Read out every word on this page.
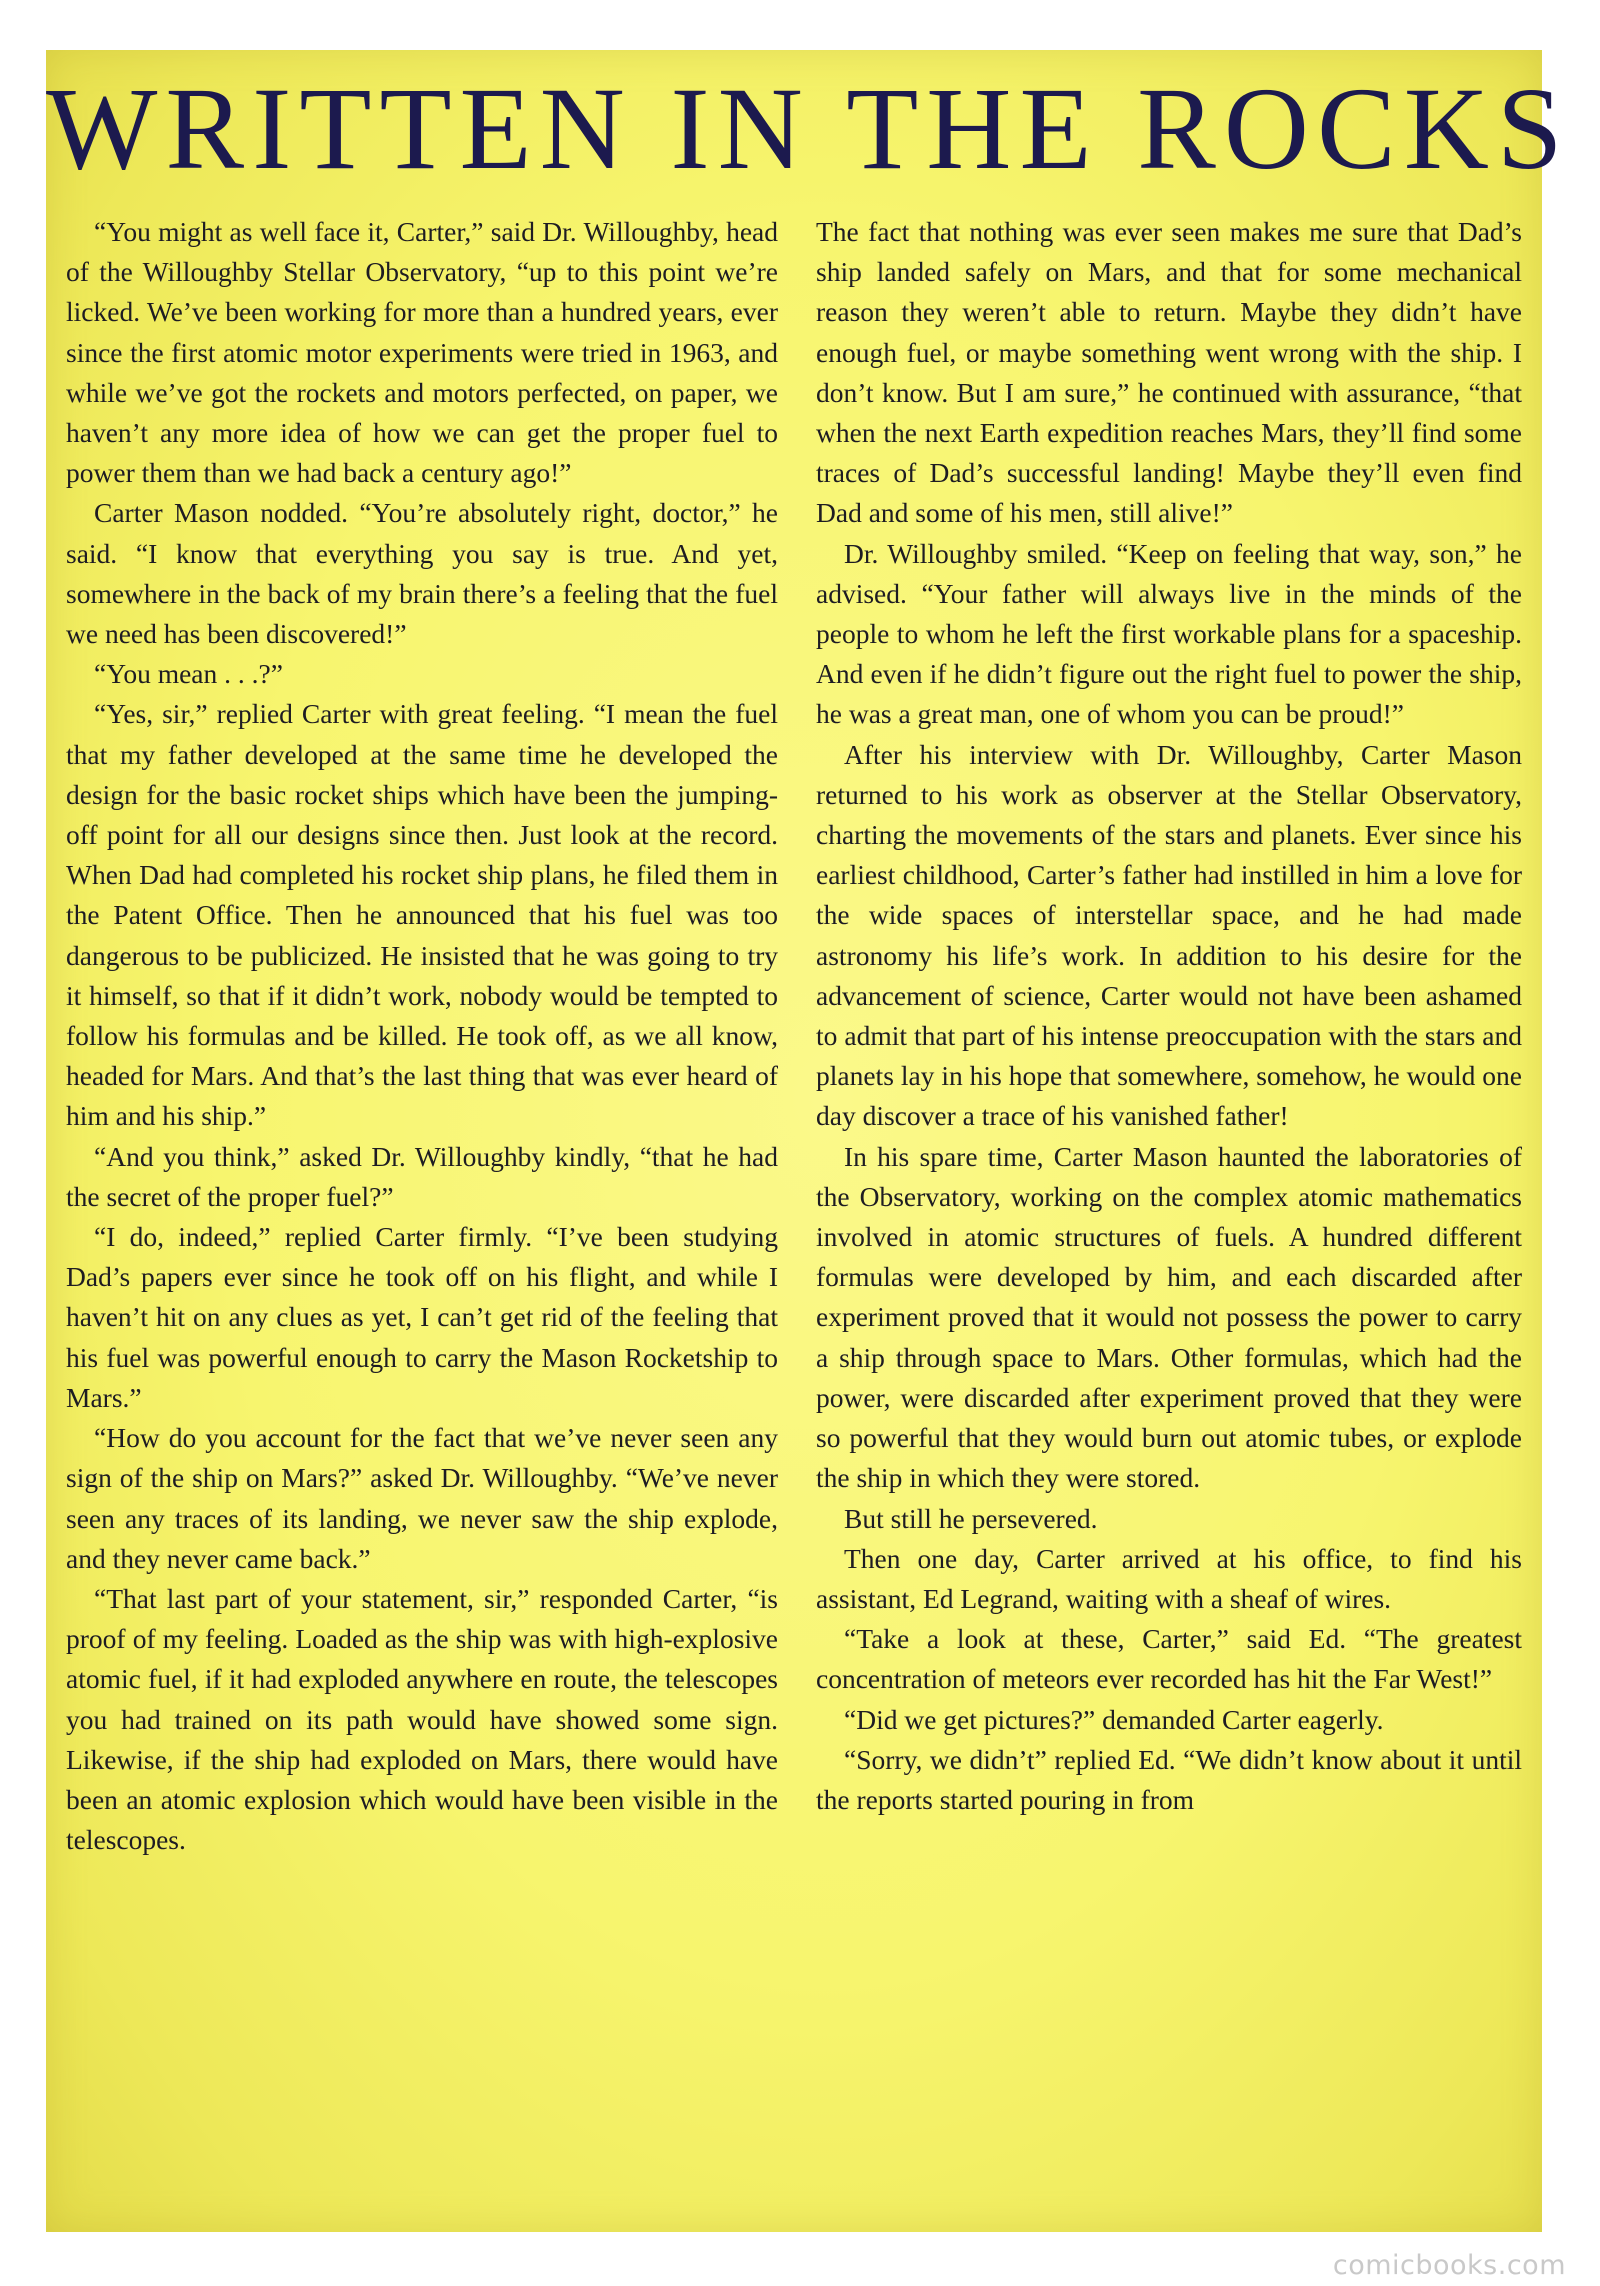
WRITTEN IN THE ROCKS

“You might as well face it, Carter,” said Dr. Willoughby, head of the Willoughby Stellar Observatory, “up to this point we’re licked. We’ve been working for more than a hundred years, ever since the first atomic motor experiments were tried in 1963, and while we’ve got the rockets and motors perfected, on paper, we haven’t any more idea of how we can get the proper fuel to power them than we had back a century ago!”

Carter Mason nodded. “You’re absolutely right, doctor,” he said. “I know that everything you say is true. And yet, somewhere in the back of my brain there’s a feeling that the fuel we need has been discovered!”

“You mean . . .?”

“Yes, sir,” replied Carter with great feeling. “I mean the fuel that my father developed at the same time he developed the design for the basic rocket ships which have been the jumping-off point for all our designs since then. Just look at the record. When Dad had completed his rocket ship plans, he filed them in the Patent Office. Then he announced that his fuel was too dangerous to be publicized. He insisted that he was going to try it himself, so that if it didn’t work, nobody would be tempted to follow his formulas and be killed. He took off, as we all know, headed for Mars. And that’s the last thing that was ever heard of him and his ship.”

“And you think,” asked Dr. Willoughby kindly, “that he had the secret of the proper fuel?”

“I do, indeed,” replied Carter firmly. “I’ve been studying Dad’s papers ever since he took off on his flight, and while I haven’t hit on any clues as yet, I can’t get rid of the feeling that his fuel was powerful enough to carry the Mason Rocketship to Mars.”

“How do you account for the fact that we’ve never seen any sign of the ship on Mars?” asked Dr. Willoughby. “We’ve never seen any traces of its landing, we never saw the ship explode, and they never came back.”

“That last part of your statement, sir,” responded Carter, “is proof of my feeling. Loaded as the ship was with high-explosive atomic fuel, if it had exploded anywhere en route, the telescopes you had trained on its path would have showed some sign. Likewise, if the ship had exploded on Mars, there would have been an atomic explosion which would have been visible in the telescopes.

The fact that nothing was ever seen makes me sure that Dad’s ship landed safely on Mars, and that for some mechanical reason they weren’t able to return. Maybe they didn’t have enough fuel, or maybe something went wrong with the ship. I don’t know. But I am sure,” he continued with assurance, “that when the next Earth expedition reaches Mars, they’ll find some traces of Dad’s successful landing! Maybe they’ll even find Dad and some of his men, still alive!”

Dr. Willoughby smiled. “Keep on feeling that way, son,” he advised. “Your father will always live in the minds of the people to whom he left the first workable plans for a spaceship. And even if he didn’t figure out the right fuel to power the ship, he was a great man, one of whom you can be proud!”

After his interview with Dr. Willoughby, Carter Mason returned to his work as observer at the Stellar Observatory, charting the movements of the stars and planets. Ever since his earliest childhood, Carter’s father had instilled in him a love for the wide spaces of interstellar space, and he had made astronomy his life’s work. In addition to his desire for the advancement of science, Carter would not have been ashamed to admit that part of his intense preoccupation with the stars and planets lay in his hope that somewhere, somehow, he would one day discover a trace of his vanished father!

In his spare time, Carter Mason haunted the laboratories of the Observatory, working on the complex atomic mathematics involved in atomic structures of fuels. A hundred different formulas were developed by him, and each discarded after experiment proved that it would not possess the power to carry a ship through space to Mars. Other formulas, which had the power, were discarded after experiment proved that they were so powerful that they would burn out atomic tubes, or explode the ship in which they were stored.

But still he persevered.

Then one day, Carter arrived at his office, to find his assistant, Ed Legrand, waiting with a sheaf of wires.

“Take a look at these, Carter,” said Ed. “The greatest concentration of meteors ever recorded has hit the Far West!”

“Did we get pictures?” demanded Carter eagerly.

“Sorry, we didn’t” replied Ed. “We didn’t know about it until the reports started pouring in from

comicbooks.com
